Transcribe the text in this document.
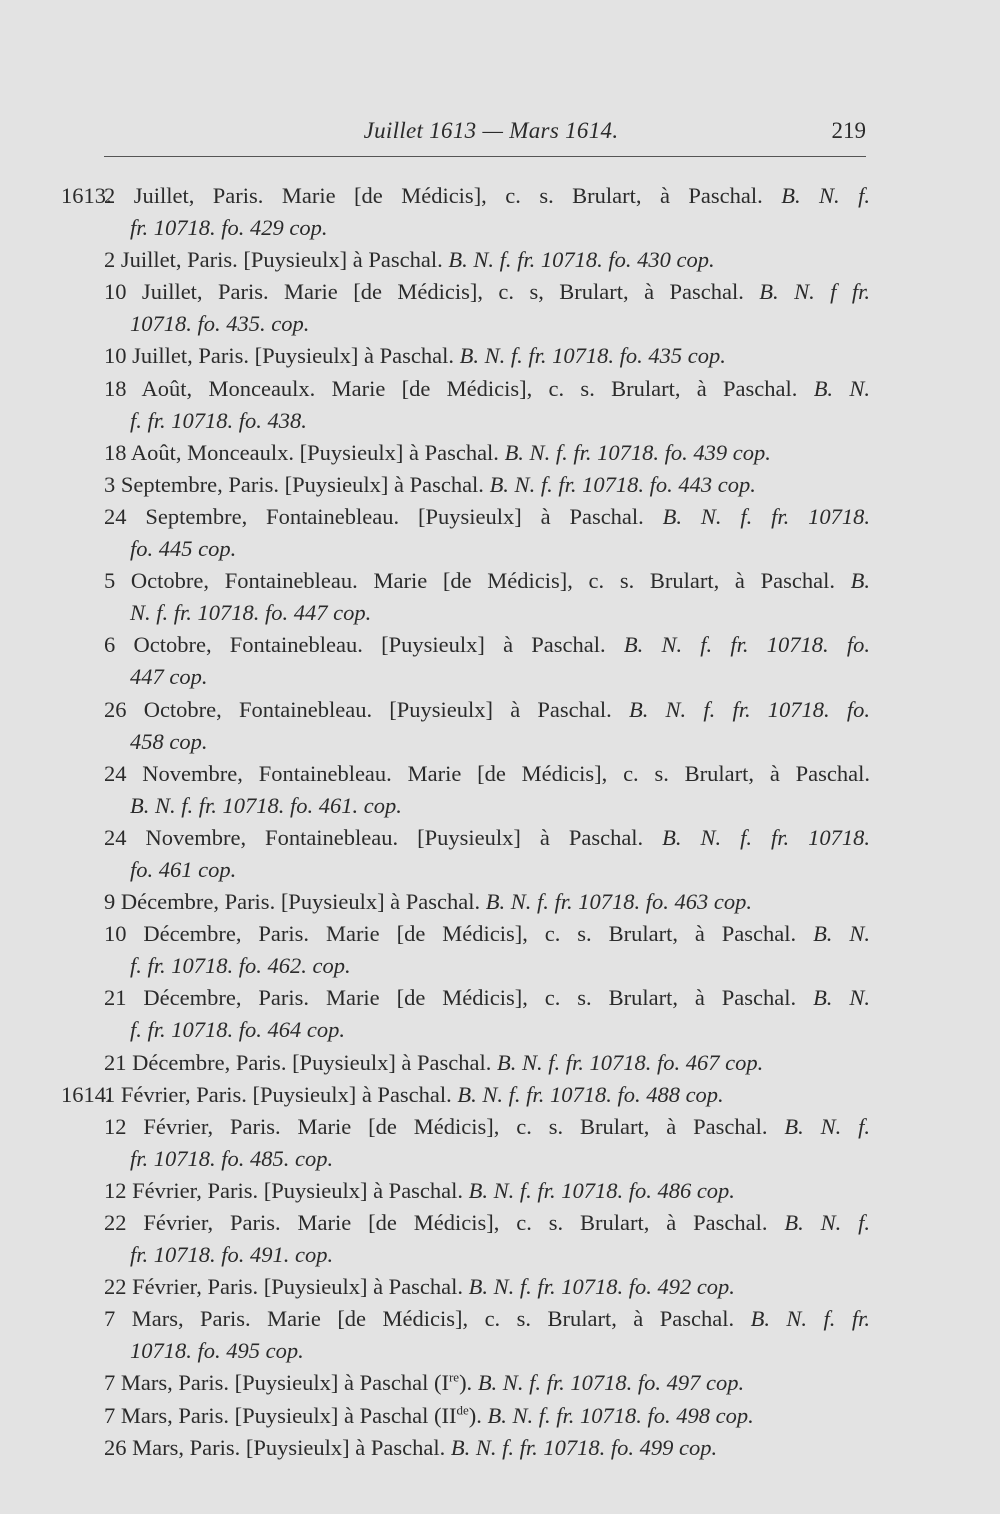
Juillet 1613 — Mars 1614.	219
1613.

2 Juillet, Paris. Marie [de Médicis], c. s. Brulart, à Paschal. B. N. f.

fr. 10718. fo. 429 cop.

2 Juillet, Paris. [Puysieulx] à Paschal. B. N. f. fr. 10718. fo. 430 cop.

10 Juillet, Paris. Marie [de Médicis], c. s, Brulart, à Paschal. B. N. f fr.

10718. fo. 435. cop.

10 Juillet, Paris. [Puysieulx] à Paschal. B. N. f. fr. 10718. fo. 435 cop.

18 Août, Monceaulx. Marie [de Médicis], c. s. Brulart, à Paschal. B. N.

f. fr. 10718. fo. 438.

18 Août, Monceaulx. [Puysieulx] à Paschal. B. N. f. fr. 10718. fo. 439 cop.

3 Septembre, Paris. [Puysieulx] à Paschal. B. N. f. fr. 10718. fo. 443 cop.

24 Septembre, Fontainebleau. [Puysieulx] à Paschal. B. N. f. fr. 10718.

fo. 445 cop.

5 Octobre, Fontainebleau. Marie [de Médicis], c. s. Brulart, à Paschal. B.

N. f. fr. 10718. fo. 447 cop.

6 Octobre, Fontainebleau. [Puysieulx] à Paschal. B. N. f. fr. 10718. fo.

447 cop.

26 Octobre, Fontainebleau. [Puysieulx] à Paschal. B. N. f. fr. 10718. fo.

458 cop.

24 Novembre, Fontainebleau. Marie [de Médicis], c. s. Brulart, à Paschal.

B. N. f. fr. 10718. fo. 461. cop.

24 Novembre, Fontainebleau. [Puysieulx] à Paschal. B. N. f. fr. 10718.

fo. 461 cop.

9 Décembre, Paris. [Puysieulx] à Paschal. B. N. f. fr. 10718. fo. 463 cop.

10 Décembre, Paris. Marie [de Médicis], c. s. Brulart, à Paschal. B. N.

f. fr. 10718. fo. 462. cop.

21 Décembre, Paris. Marie [de Médicis], c. s. Brulart, à Paschal. B. N.

f. fr. 10718. fo. 464 cop.

21 Décembre, Paris. [Puysieulx] à Paschal. B. N. f. fr. 10718. fo. 467 cop.

1614.

1 Février, Paris. [Puysieulx] à Paschal. B. N. f. fr. 10718. fo. 488 cop.

12 Février, Paris. Marie [de Médicis], c. s. Brulart, à Paschal. B. N. f.

fr. 10718. fo. 485. cop.

12 Février, Paris. [Puysieulx] à Paschal. B. N. f. fr. 10718. fo. 486 cop.

22 Février, Paris. Marie [de Médicis], c. s. Brulart, à Paschal. B. N. f.

fr. 10718. fo. 491. cop.

22 Février, Paris. [Puysieulx] à Paschal. B. N. f. fr. 10718. fo. 492 cop.

7 Mars, Paris. Marie [de Médicis], c. s. Brulart, à Paschal. B. N. f. fr.

10718. fo. 495 cop.

7 Mars, Paris. [Puysieulx] à Paschal (Ire). B. N. f. fr. 10718. fo. 497 cop.

7 Mars, Paris. [Puysieulx] à Paschal (IIde). B. N. f. fr. 10718. fo. 498 cop.

26 Mars, Paris. [Puysieulx] à Paschal. B. N. f. fr. 10718. fo. 499 cop.
